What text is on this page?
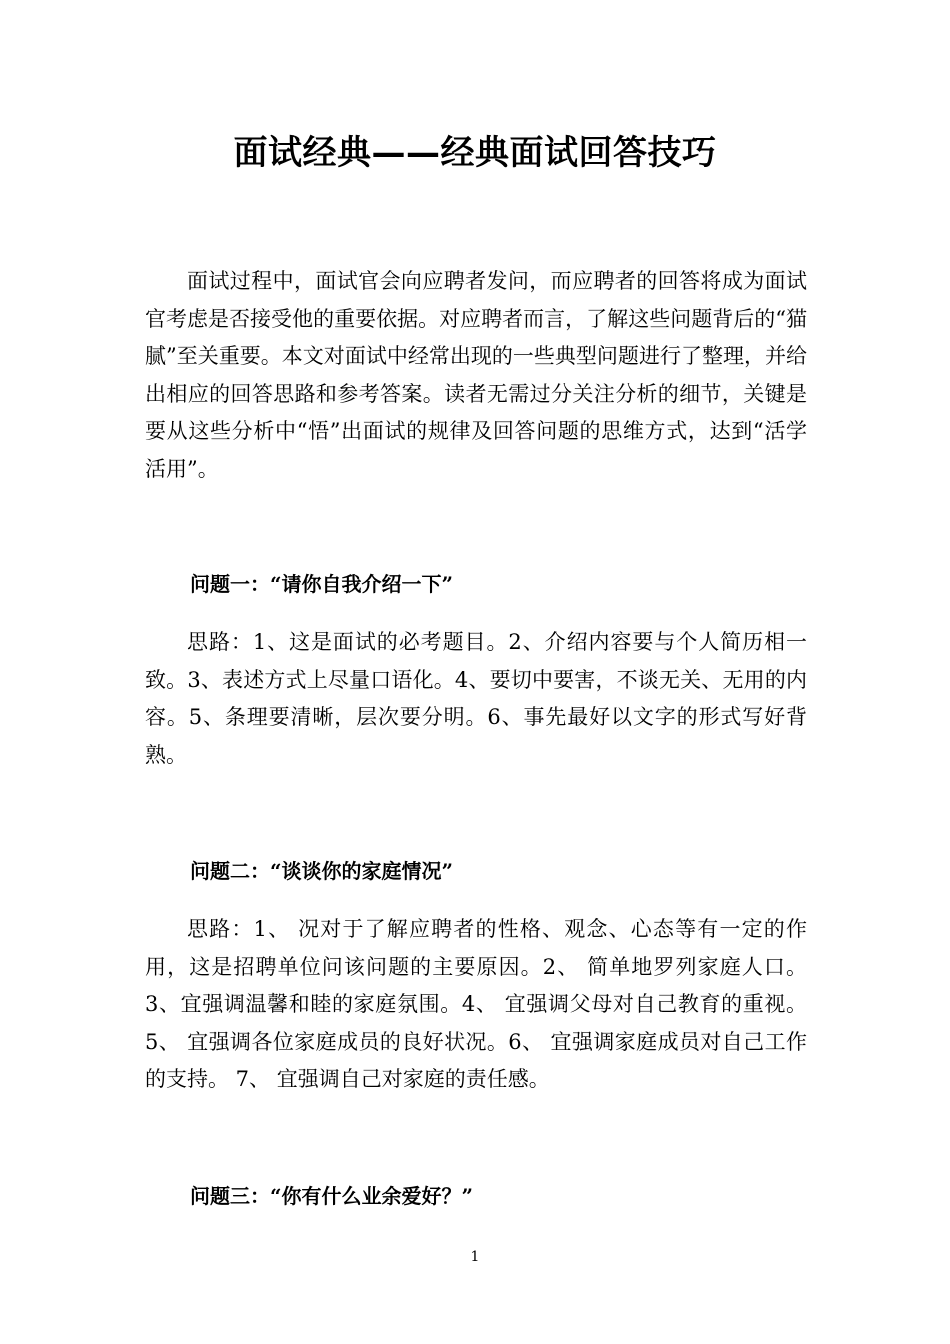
面试经典——经典面试回答技巧

面试过程中，面试官会向应聘者发问，而应聘者的回答将成为面试官考虑是否接受他的重要依据。对应聘者而言，了解这些问题背后的“猫腻”至关重要。本文对面试中经常出现的一些典型问题进行了整理，并给出相应的回答思路和参考答案。读者无需过分关注分析的细节，关键是要从这些分析中“悟”出面试的规律及回答问题的思维方式，达到“活学活用”。

问题一：“请你自我介绍一下”

思路：1、这是面试的必考题目。2、介绍内容要与个人简历相一致。3、表述方式上尽量口语化。4、要切中要害，不谈无关、无用的内容。5、条理要清晰，层次要分明。6、事先最好以文字的形式写好背熟。

问题二：“谈谈你的家庭情况”

思路：1、 况对于了解应聘者的性格、观念、心态等有一定的作用，这是招聘单位问该问题的主要原因。2、 简单地罗列家庭人口。3、宜强调温馨和睦的家庭氛围。4、 宜强调父母对自己教育的重视。5、 宜强调各位家庭成员的良好状况。6、 宜强调家庭成员对自己工作的支持。 7、 宜强调自己对家庭的责任感。

问题三：“你有什么业余爱好？”

1
